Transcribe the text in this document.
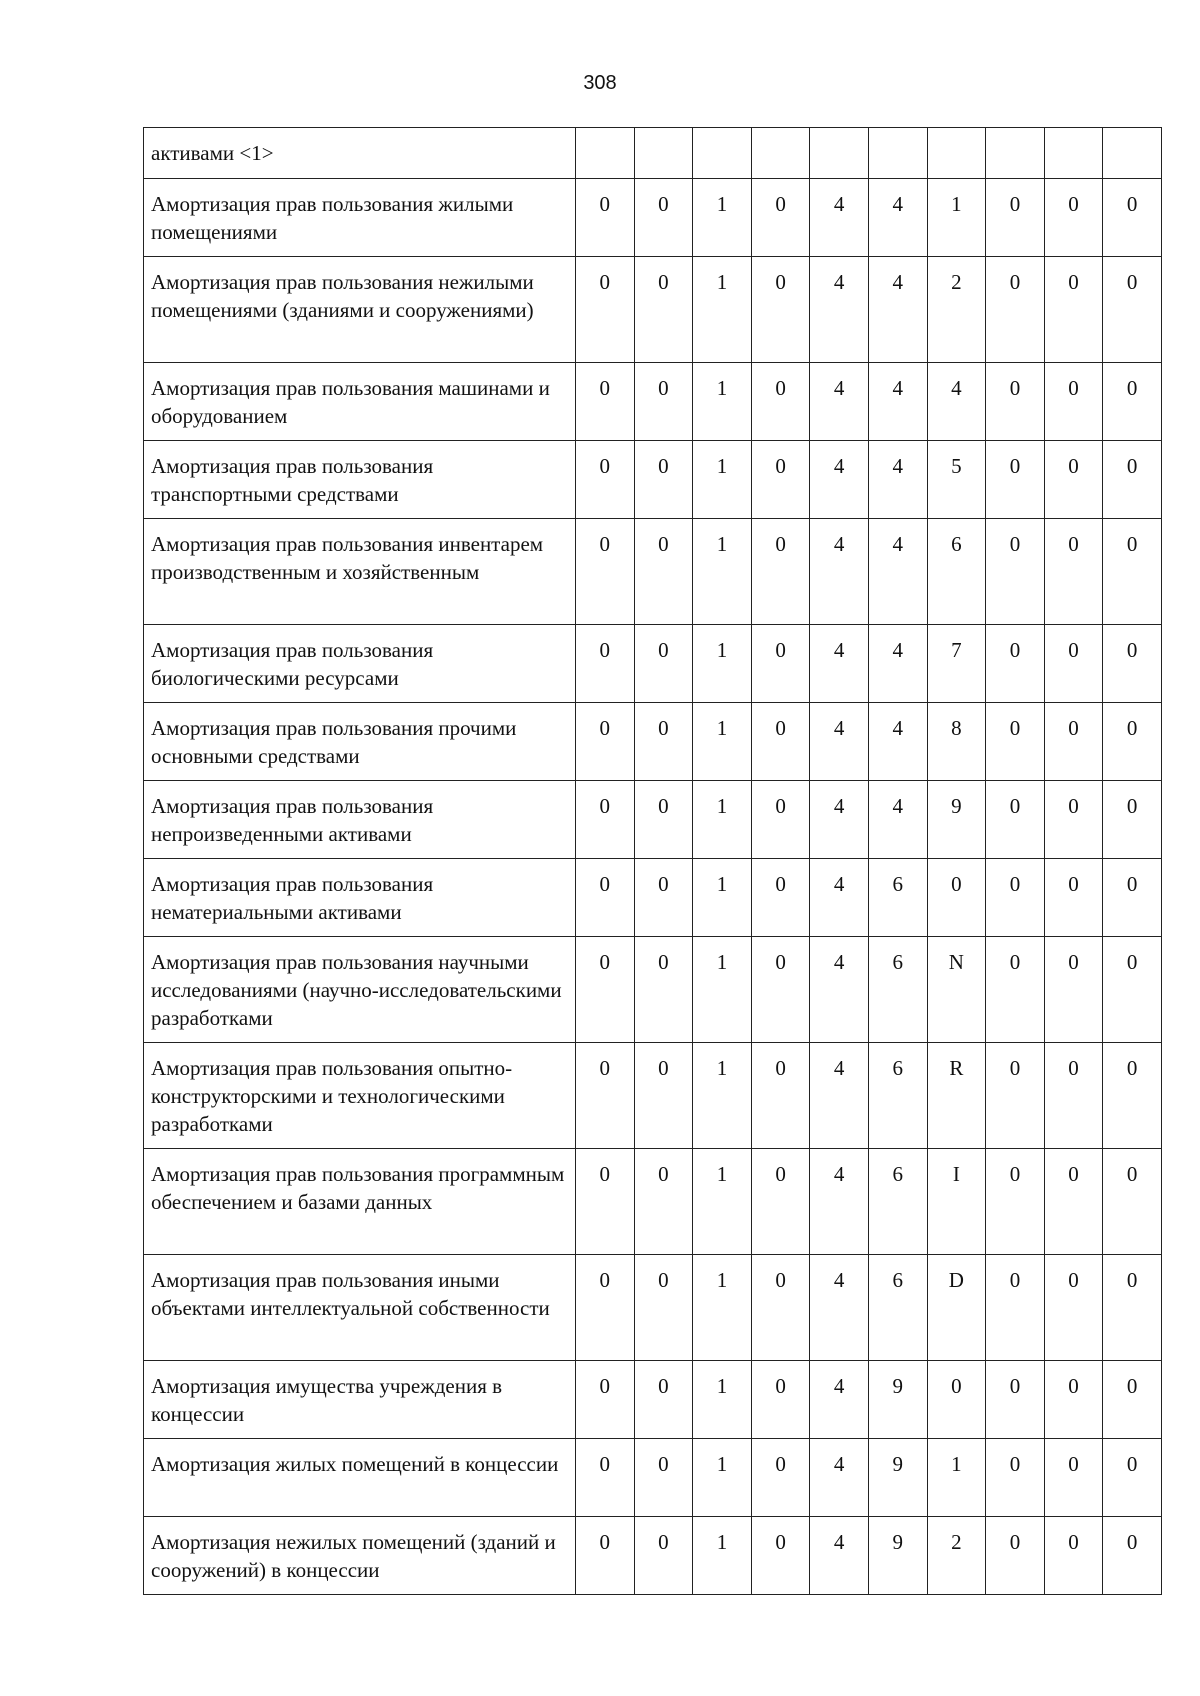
308
активами <1>										
Амортизация прав пользования жилыми помещениями	0	0	1	0	4	4	1	0	0	0
Амортизация прав пользования нежилыми помещениями (зданиями и сооружениями)	0	0	1	0	4	4	2	0	0	0
Амортизация прав пользования машинами и оборудованием	0	0	1	0	4	4	4	0	0	0
Амортизация прав пользования транспортными средствами	0	0	1	0	4	4	5	0	0	0
Амортизация прав пользования инвентарем производственным и хозяйственным	0	0	1	0	4	4	6	0	0	0
Амортизация прав пользования биологическими ресурсами	0	0	1	0	4	4	7	0	0	0
Амортизация прав пользования прочими основными средствами	0	0	1	0	4	4	8	0	0	0
Амортизация прав пользования непроизведенными активами	0	0	1	0	4	4	9	0	0	0
Амортизация прав пользования нематериальными активами	0	0	1	0	4	6	0	0	0	0
Амортизация прав пользования научными исследованиями (научно-исследовательскими разработками	0	0	1	0	4	6	N	0	0	0
Амортизация прав пользования опытно-конструкторскими и технологическими разработками	0	0	1	0	4	6	R	0	0	0
Амортизация прав пользования программным обеспечением и базами данных	0	0	1	0	4	6	I	0	0	0
Амортизация прав пользования иными объектами интеллектуальной собственности	0	0	1	0	4	6	D	0	0	0
Амортизация имущества учреждения в концессии	0	0	1	0	4	9	0	0	0	0
Амортизация жилых помещений в концессии	0	0	1	0	4	9	1	0	0	0
Амортизация нежилых помещений (зданий и сооружений) в концессии	0	0	1	0	4	9	2	0	0	0
